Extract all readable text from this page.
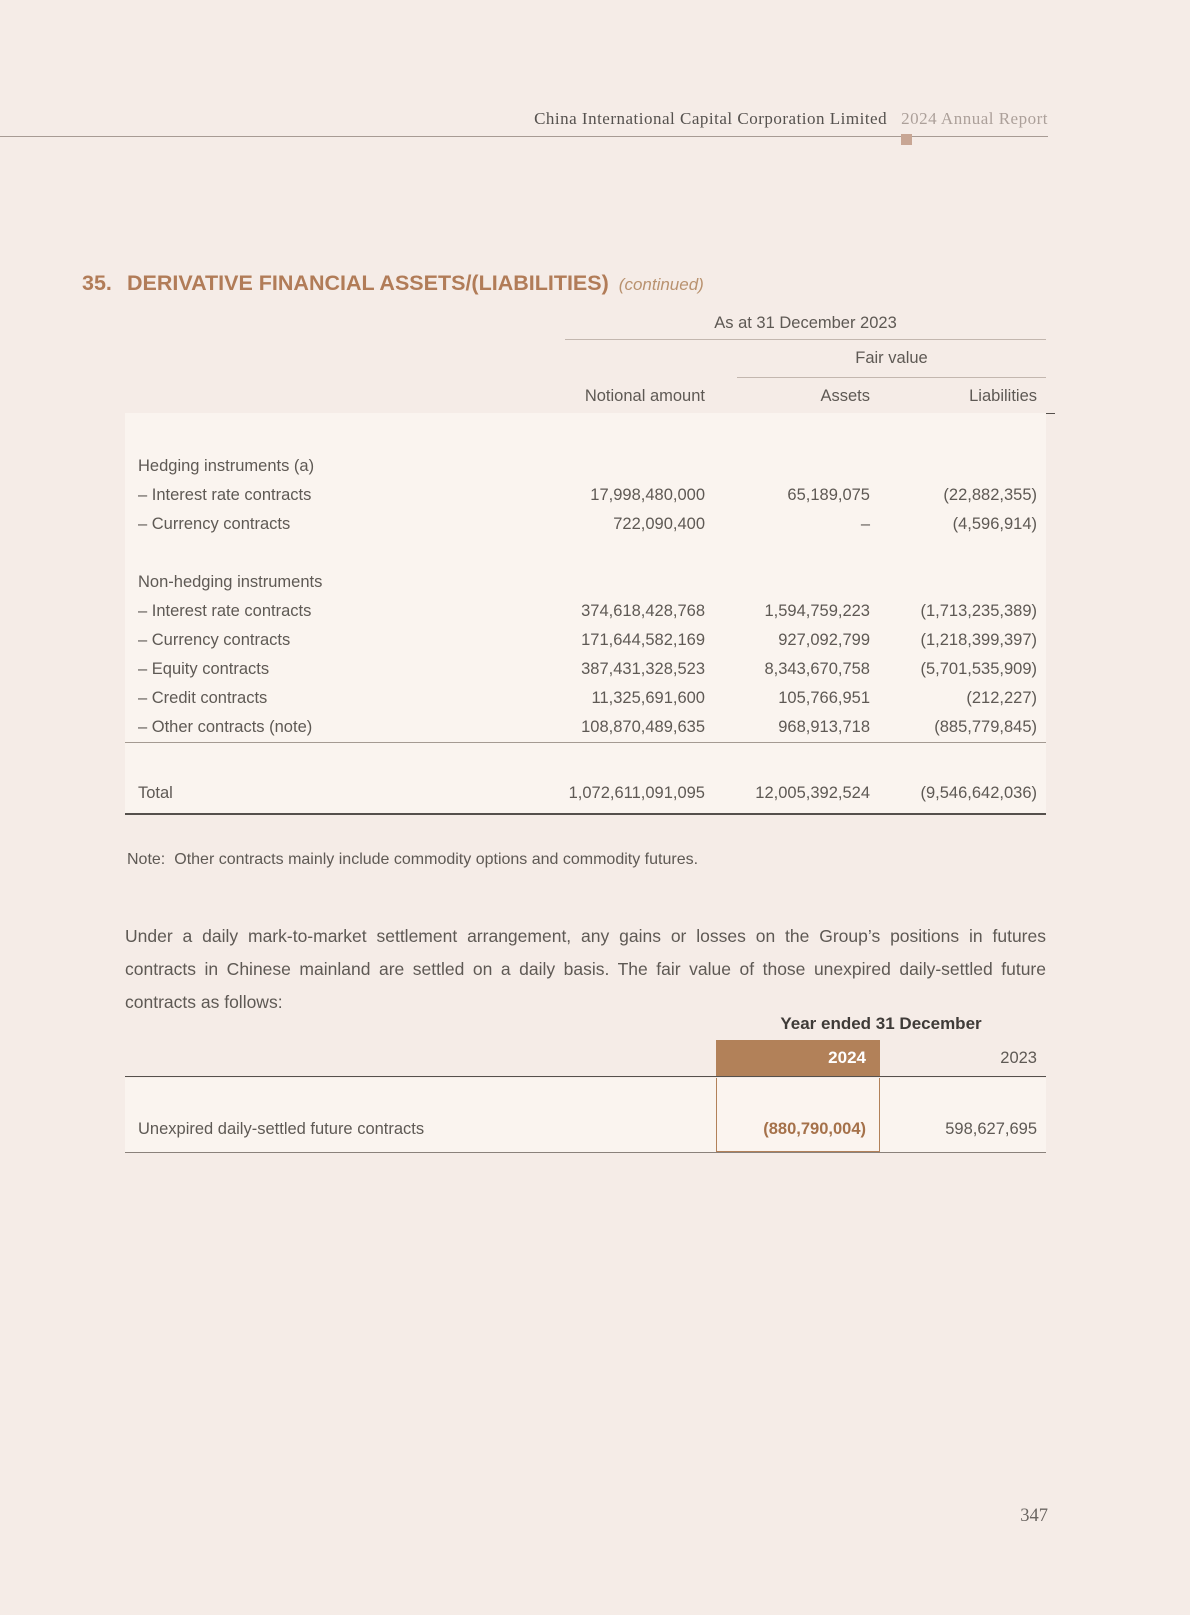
China International Capital Corporation Limited 2024 Annual Report
35. DERIVATIVE FINANCIAL ASSETS/(LIABILITIES) (continued)
As at 31 December 2023
Fair value
Notional amount	Assets	Liabilities
Hedging instruments (a)
– Interest rate contracts	17,998,480,000	65,189,075	(22,882,355)
– Currency contracts	722,090,400	–	(4,596,914)
Non-hedging instruments
– Interest rate contracts	374,618,428,768	1,594,759,223	(1,713,235,389)
– Currency contracts	171,644,582,169	927,092,799	(1,218,399,397)
– Equity contracts	387,431,328,523	8,343,670,758	(5,701,535,909)
– Credit contracts	11,325,691,600	105,766,951	(212,227)
– Other contracts (note)	108,870,489,635	968,913,718	(885,779,845)
Total	1,072,611,091,095	12,005,392,524	(9,546,642,036)
Note: Other contracts mainly include commodity options and commodity futures.
Under a daily mark-to-market settlement arrangement, any gains or losses on the Group’s positions in futures contracts in Chinese mainland are settled on a daily basis. The fair value of those unexpired daily-settled future contracts as follows:
Year ended 31 December
2024	2023
Unexpired daily-settled future contracts	(880,790,004)	598,627,695
347
